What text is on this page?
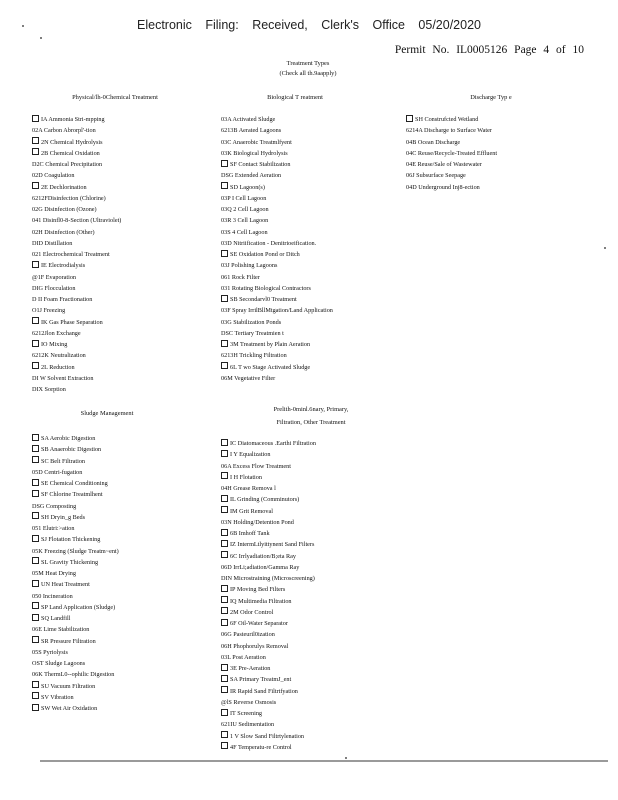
Electronic Filing: Received, Clerk's Office 05/20/2020
Permit No. IL0005126 Page 4 of 10
Treatment Types
(Check all th.9aapply)
Physical/lh-0Chemical Treatment
IA Ammonia Stri-mpping
02A Carbon Abrorpl'-tion
2N Chemical Hydrolysis
2B Chemical Oxidation
D2C Chemical Precipitation
02D Coagulation
2E Dechlorination
6212FDisinfection (Chlorine)
02G Disinfection (Ozone)
041 Disinfl0-8-Section (Ultraviolet)
02H Disinfection (Other)
DID Distillation
021 Electrochemical Treatment
IE Electrodialysis
@1F Evaporation
DIG Flocculation
D II Foam Fractionation
O1J Freezing
IK Gas Phase Separation
6212Jlon Exchange
IO Mixing
6212K Neutralization
2L Reduction
DI W Solvent Extraction
DIX Sorption
Sludge Management
SA Aerobic Digestion
SB Anaerobic Digestion
SC Belt Filtration
05D Centri-fugation
SE Chemical Conditioning
SF Chlorine Treatmlhent
DSG Composting
SH Dryin_g Beds
051 Elutri:>ation
SJ Flotation Thickening
05K Freezing (Sludge Treatm~ent)
SL Gravity Thickening
05M Heat Drying
UN Heat Treatment
050 Incineration
SP Land Application (Sludge)
SQ Landfill
06E Lime Stabilization
SR Pressure Filtration
05S Pyriolysis
OST Sludge Lagoons
06K ThermL0--ophilic Digestion
SU Vacuum Filtration
SV Vibration
SW Wet Air Oxidation
Biological T reatment
03A Activated Sludge
6213B Aerated Lagoons
03C Anaerobic Treatmlfyent
03K Biological Hydrolysis
SF Contact Stabilization
DSG Extended Aeration
SD Lagoon(s)
03P I Cell Lagoon
03Q 2 Cell Lagoon
03R 3 Cell Lagoon
03S 4 Cell Lagoon
03D Nitriification - Denitrioeification.
SE Oxidation Pond or Ditch
03J Polishing Lagoons
061 Rock Filter
031 Rotating Biological Contractors
SB Secondarvl0 Treatment
03F Spray IrrilBllMtgation/Land Application
03G Stabilization Ponds
DSC Tertiary Treatmien t
3M Treatment by Plain Aeration
6213H Trickling Filtration
6L T wo Stage Activated Sludge
06M Vegetative Filter
Prelith-0minl.6nary, Primary,
Filtration, Other Treatment
IC Diatomaceous .Earthi Filtration
I Y Equalization
06A Excess Flow Treatment
I H Flotation
04H Grease Remova l
IL Grinding (Comminutors)
IM Grit Removal
03N Holding/Detention Pond
6B Imhoff Tank
IZ IntermLtlyittynent Sand Filters
6C Irrlyadiation/B;eta Ray
06D IrrLi;adiation/Gamma Ray
DIN Microstraining (Microscreening)
IP Moving Bed Filters
IQ Multimedia Filtration
2M Odor Control
6F Oil-Water Separator
06G Pasteuril0ization
06H Phophorulys Removal
03L Post Aeration
3E Pre-Aeration
SA Primary TreatmJ_ent
IR Rapid Sand Filtrtfyation
@lS Reverse Osmosis
IT Screening
621IU Sedimentation
1 V Slow Sand Filtrtylenation
4F Temperatu-re Control
Discharge Typ e
SH Construfcted Wetland
6214A Discharge to Surface Water
04B Ocean Discharge
04C Reuse/Recycle-Treated Effluent
04E Reuse/Sale of Wastewater
06J Subsurface Seepage
04D Underground Inj8-ection
